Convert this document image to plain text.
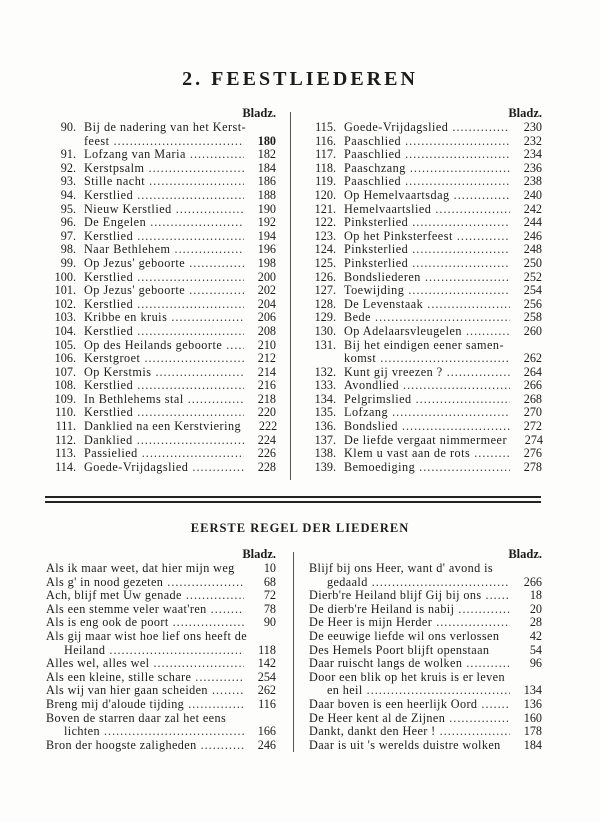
2. FEESTLIEDEREN
Bladz.
90. Bij de nadering van het Kerst-
feest .....	180
91. Lofzang van Maria .....	182
92. Kerstpsalm .....	184
93. Stille nacht .....	186
94. Kerstlied .....	188
95. Nieuw Kerstlied .....	190
96. De Engelen .....	192
97. Kerstlied .....	194
98. Naar Bethlehem .....	196
99. Op Jezus' geboorte .....	198
100. Kerstlied .....	200
101. Op Jezus' geboorte .....	202
102. Kerstlied .....	204
103. Kribbe en kruis .....	206
104. Kerstlied .....	208
105. Op des Heilands geboorte .....	210
106. Kerstgroet .....	212
107. Op Kerstmis .....	214
108. Kerstlied .....	216
109. In Bethlehems stal .....	218
110. Kerstlied .....	220
111. Danklied na een Kerstviering	222
112. Danklied .....	224
113. Passielied .....	226
114. Goede-Vrijdagslied .....	228
Bladz.
115. Goede-Vrijdagslied .....	230
116. Paaschlied .....	232
117. Paaschlied .....	234
118. Paaschzang .....	236
119. Paaschlied .....	238
120. Op Hemelvaartsdag .....	240
121. Hemelvaartslied .....	242
122. Pinksterlied .....	244
123. Op het Pinksterfeest .....	246
124. Pinksterlied .....	248
125. Pinksterlied .....	250
126. Bondsliederen .....	252
127. Toewijding .....	254
128. De Levenstaak .....	256
129. Bede .....	258
130. Op Adelaarsvleugelen .....	260
131. Bij het eindigen eener samen-
komst .....	262
132. Kunt gij vreezen ? .....	264
133. Avondlied .....	266
134. Pelgrimslied .....	268
135. Lofzang .....	270
136. Bondslied .....	272
137. De liefde vergaat nimmermeer	274
138. Klem u vast aan de rots .....	276
139. Bemoediging .....	278
EERSTE REGEL DER LIEDEREN
Bladz.
Als ik maar weet, dat hier mijn weg	10
Als g' in nood gezeten .....	68
Ach, blijf met Uw genade .....	72
Als een stemme veler waat'ren .....	78
Als is eng ook de poort .....	90
Als gij maar wist hoe lief ons heeft de
Heiland .....	118
Alles wel, alles wel .....	142
Als een kleine, stille schare .....	254
Als wij van hier gaan scheiden .....	262
Breng mij d'aloude tijding .....	116
Boven de starren daar zal het eens
lichten .....	166
Bron der hoogste zaligheden .....	246
Bladz.
Blijf bij ons Heer, want d' avond is
gedaald .....	266
Dierb're Heiland blijf Gij bij ons .....	18
De dierb're Heiland is nabij .....	20
De Heer is mijn Herder .....	28
De eeuwige liefde wil ons verlossen	42
Des Hemels Poort blijft openstaan	54
Daar ruischt langs de wolken .....	96
Door een blik op het kruis is er leven
en heil .....	134
Daar boven is een heerlijk Oord .....	136
De Heer kent al de Zijnen .....	160
Dankt, dankt den Heer ! .....	178
Daar is uit 's werelds duistre wolken	184
